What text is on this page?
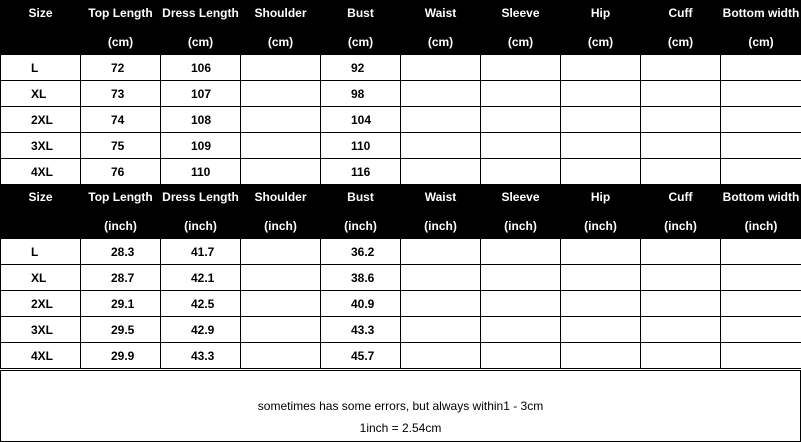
Size	Top Length	Dress Length	Shoulder	Bust	Waist	Sleeve	Hip	Cuff	Bottom width
	(cm)	(cm)	(cm)	(cm)	(cm)	(cm)	(cm)	(cm)	(cm)
L	72	106		92					
XL	73	107		98					
2XL	74	108		104					
3XL	75	109		110					
4XL	76	110		116					
Size	Top Length	Dress Length	Shoulder	Bust	Waist	Sleeve	Hip	Cuff	Bottom width
	(inch)	(inch)	(inch)	(inch)	(inch)	(inch)	(inch)	(inch)	(inch)
L	28.3	41.7		36.2					
XL	28.7	42.1		38.6					
2XL	29.1	42.5		40.9					
3XL	29.5	42.9		43.3					
4XL	29.9	43.3		45.7					
sometimes has some errors, but always within1 - 3cm
1inch = 2.54cm
